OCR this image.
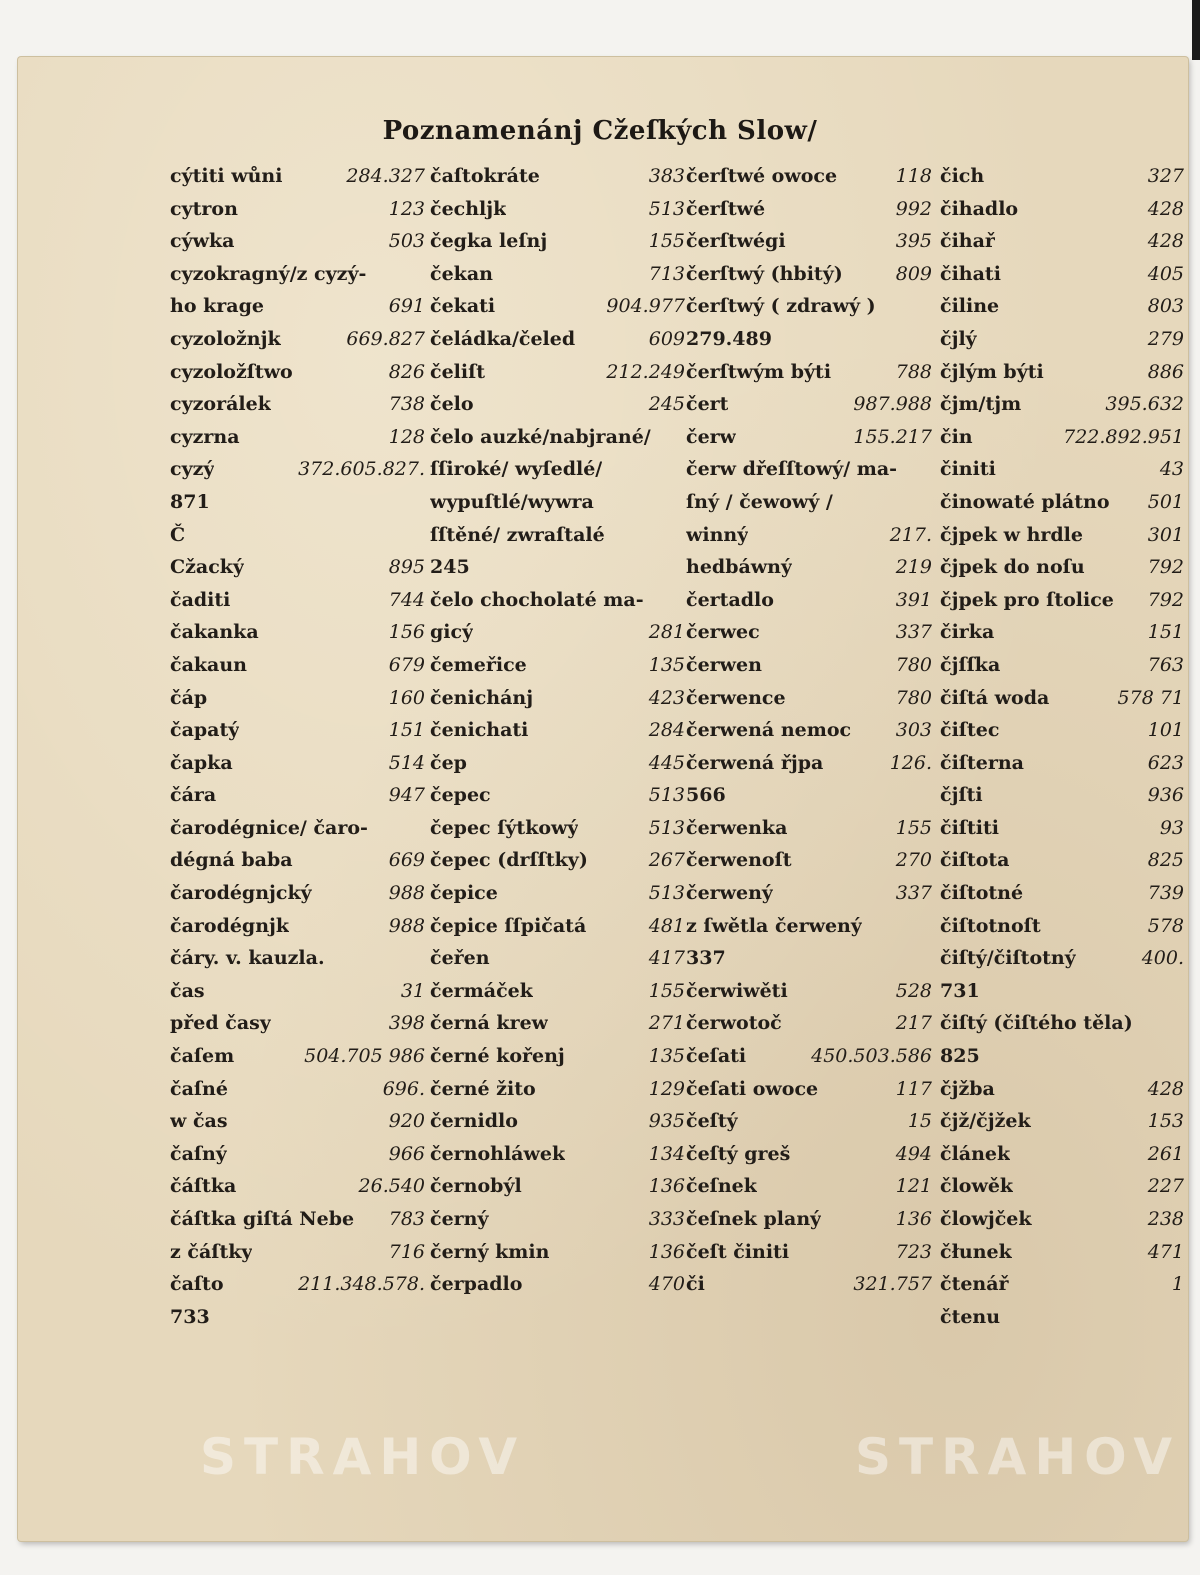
Poznamenánj Cžeſkých Slow/
cýtiti wůni	284.327
cytron	123
cýwka	503
cyzokragný/z cyzý-
ho krage	691
cyzoložnjk	669.827
cyzoložſtwo	826
cyzorálek	738
cyzrna	128
cyzý	372.605.827.
871
Č
Cžacký	895
čaditi	744
čakanka	156
čakaun	679
čáp	160
čapatý	151
čapka	514
čára	947
čarodégnice/ čaro-
dégná baba	669
čarodégnjcký	988
čarodégnjk	988
čáry. v. kauzla.
čas	31
před časy	398
čaſem	504.705 986
čaſné	696.
w čas	920
čaſný	966
čáſtka	26.540
čáſtka giſtá Nebe	783
z čáſtky	716
čaſto	211.348.578.
733
čaſtokráte	383
čechljk	513
čegka leſnj	155
čekan	713
čekati	904.977
čeládka/čeled	609
čeliſt	212.249
čelo	245
čelo auzké/nabjrané/
ſſiroké/ wyſedlé/
wypuſtlé/wywra
ſſtěné/ zwraſtalé
245
čelo chocholaté ma-
gicý	281
čemeřice	135
čenichánj	423
čenichati	284
čep	445
čepec	513
čepec ſýtkowý	513
čepec (drſſtky)	267
čepice	513
čepice ſſpičatá	481
čeřen	417
čermáček	155
černá krew	271
černé kořenj	135
černé žito	129
černidlo	935
černohláwek	134
černobýl	136
černý	333
černý kmin	136
čerpadlo	470
čerſtwé owoce	118
čerſtwé	992
čerſtwégi	395
čerſtwý (hbitý)	809
čerſtwý ( zdrawý )
279.489
čerſtwým býti	788
čert	987.988
čerw	155.217
čerw dřeſſtowý/ ma-
ſný / čewowý /
winný	217.
hedbáwný	219
čertadlo	391
čerwec	337
čerwen	780
čerwence	780
čerwená nemoc	303
čerwená řjpa	126.
566
čerwenka	155
čerwenoſt	270
čerwený	337
z ſwětla čerwený
337
čerwiwěti	528
čerwotoč	217
čeſati	450.503.586
čeſati owoce	117
čeſtý	15
čeſtý greš	494
čeſnek	121
čeſnek planý	136
čeſt činiti	723
či	321.757
čich	327
čihadlo	428
čihař	428
čihati	405
čiline	803
čjlý	279
čjlým býti	886
čjm/tjm	395.632
čin	722.892.951
činiti	43
činowaté plátno	501
čjpek w hrdle	301
čjpek do noſu	792
čjpek pro ſtolice	792
čirka	151
čjſſka	763
čiſtá woda	578 71
čiſtec	101
čiſterna	623
čjſti	936
čiſtiti	93
čiſtota	825
čiſtotné	739
čiſtotnoſt	578
čiſtý/čiſtotný	400.
731
čiſtý (čiſtého těla)
825
čjžba	428
čjž/čjžek	153
článek	261
člowěk	227
člowjček	238
čłunek	471
čtenář	1
čtenu
STRAHOV	STRAHOV
